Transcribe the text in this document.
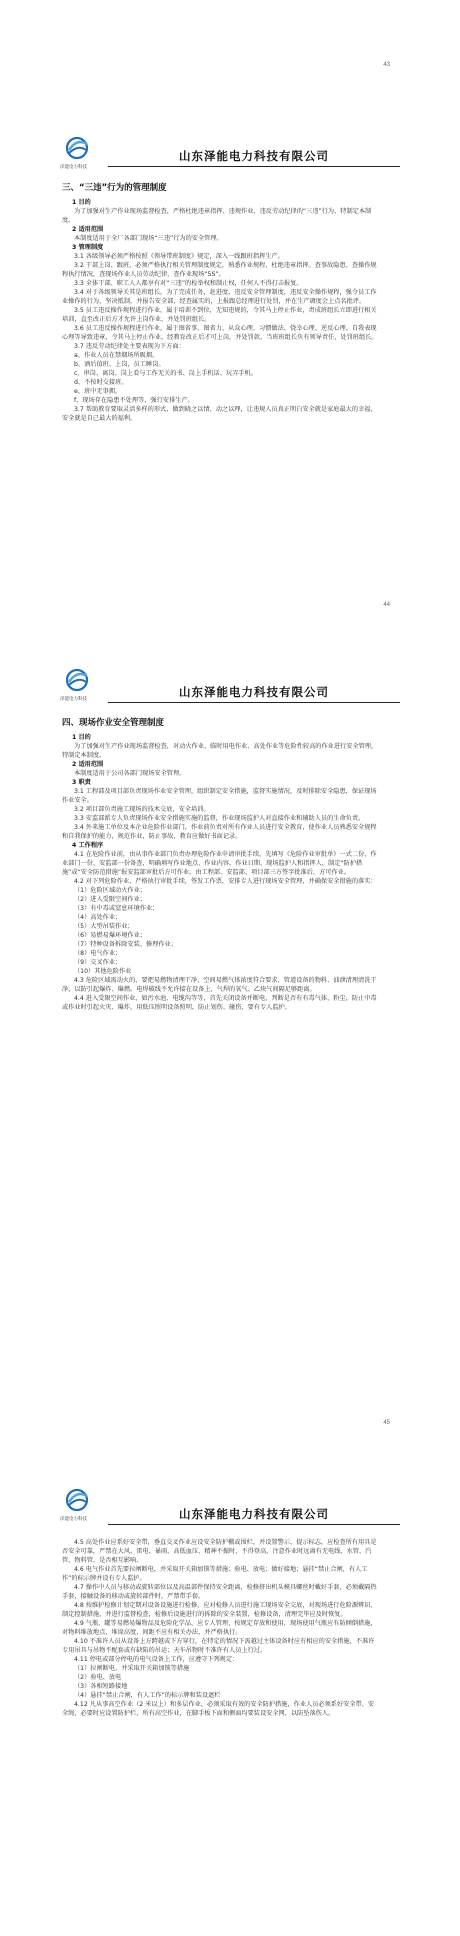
43
泽能电力科技
山东泽能电力科技有限公司
三、“三违”行为的管理制度
1 目的
为了加强对生产作业现场监督检查，严格杜绝违章指挥、违规作业、违反劳动纪律的“三违”行为，特制定本制度。
2 适用范围
本制度适用于全厂各部门现场“三违”行为的安全管理。
3 管理制度
3.1 各级领导必须严格按照《领导带班制度》规定，深入一线跟班指挥生产。
3.2 干部上岗、跟班，必须严格执行相关管理制度规定，熟悉作业规程，杜绝违章指挥。查事故隐患、查操作规程执行情况，查现场作业人员劳动纪律、查作业现场“5S”。
3.3 全体干部、职工人人都享有对“三违”的检举权和制止权，任何人不得打击报复。
3.4 对于各级领导关其是班组长，为了完成任务，赶进度，违反安全管理制度，违反安全操作规程，强令员工作业操作的行为，坚决抵制，并报告安全部，经查属实的，上报跟总经理进行处罚，并在生产调度会上点名批评。
3.5 员工违反操作规程进行作业，属于培训不到位，无知违规的，令其马上停止作业，责成班组长立即进行相关培训，直至改正后方才允许上岗作业，并处罚班组长。
3.6 员工违反操作规程进行作业，属于图省事、图省力、从众心理、习惯做法、侥幸心理、逆反心理、自我表现心理等导致违章，令其马上停止作业，经教育改正后才可上岗，并处罚款，当班班组长负有领导责任，处罚班组长。
3.7 违反劳动纪律处主要表现为下方面：
a、作业人员在禁烟场所吸烟。
b、酒后值班、上岗，员工睡岗。
c、串岗、离岗、岗上看与工作无关的书、岗上手机话、玩弄手机。
d、不按时交接班。
e、班中无事拥。
f、现场存在隐患不处理等，强行安排生产。
3.7 帮助教育要取灵活多样的形式，做到晓之以情、动之以理，让违规人员真正明白安全就是家庭最大的幸福，安全就是自己最大的福利。
44
泽能电力科技
山东泽能电力科技有限公司
四、现场作业安全管理制度
1 目的
为了加强对生产作业现场监督检查，对动火作业、临时用电作业、高处作业等危险性较高的作业进行安全管理，特制定本制度。
2 适用范围
本制度适用于公司各部门现场安全管理。
3 职责
3.1 工程部及项目部负责现场作业安全管理，组织制定安全措施，监督实施情况，及时排除安全隐患，保证现场作业安全。
3.2 项目部负责施工现场的技术交底，安全培训。
3.3 安监部派专人负责现场作业安全措施实施的监督，作业现场监护人对直接作业和辅助人员的生命负责。
3.4 外来施工单位及本企业危险作业部门，作业前负责对所有作业人员进行安全教育，使作业人员熟悉安全规程和自我保护的能力，规范作业，防止事故，教育应做好书面记录。
4 工作程序
4.1 在危险作业前，由从事作业部门负责办理危险作业申请审批手续，先填写《危险作业审批单》一式二份，作业部门一份、安监部一份备查，明确填写作业地点、作业内容、作业日期、现场监护人和指挥人，制定“防护措施”或“安全防范措施”报安监部审批后方可作业。由工程部、安监部、项目部三方签字批准后，方可作业。
4.2 对下列危险作业，严格执行审批手续，签发工作票，安排专人进行现场安全管理，并确保安全措施的落实：
（1）危险区域动火作业；
（2）进入受限空间作业；
（3）有中毒或窒息环境作业；
（4）高处作业；
（5）大型吊装作业；
（6）易燃易爆环境作业；
（7）特种设备拆除安装、修理作业；
（8）电气作业；
（9）交叉作业；
（10）其他危险作业
4.3 危险区域需动火的，要把易燃物清理干净，空间易燃气体浓度符合要求，管道设备的物料、油泄清理清洗干净，以防引起爆炸、爆燃。电焊破线不允许接在设备上，气焊的氧气、乙炔气间隔足够距离。
4.4 进入受限空间作业，如污水池、电缆沟等等，首先关闭设备并断电，判断是否有有毒气体，粉尘，防止中毒或作业时引起火灾、爆炸，用低压照明设备照明，防止划伤、碰伤，要有专人监护。
45
泽能电力科技	山东泽能电力科技有限公司
4.5 高处作业应系好安全带，垂直交叉作业应设安全防护棚或围栏，并设置警示、提示标志，应检查所有用具是否安全可靠，严禁在大风、雷电、暴雨、高低血压、精神不振时，不得登高，注意作业时远离有无电线、水管、汽管、物料管、是否相互影响。
4.6 电气作业首先要拉闸断电，并采取开关箱加锁等措施；验电、放电；做好接地；悬挂“禁止合闸，有人工作”的标示牌并设有专人监护。
4.7 操作中人员与移动或旋转部位以及高温部件保持安全距离，检修挤出机头模具螺丝时戴好手套，必须戴隔热手套，接触设备的移动或旋转部件时，严禁带手套。
4.8 按维护检修计划定期对设备设施进行检修，应对检修人员进行施工现场安全交底，对现场进行危险源辨识、制定控制措施，并进行监督检查，检修后设施进行的拆除的安全装置，检修设备，清理完毕应及时恢复。
4.9 气瓶、罐等易燃易爆物品及危险化学品，应专人管理，按规定存放和使用，现场使用气瓶应有防倾倒措施，对物料堆放地点，堆垛高度，间距不应有相关办法，并严格执行。
4.10 不准许人员从设备上方跨越或下方穿行，在特定的情况下需越过主体设备时应有相应的安全措施，不准许专用吊具与吊物不配套或有缺陷的吊运；天车吊物时不准许有人员上行过。
4.11 停电或部分停电的电气设备上工作，应遵守下列规定：
（1）拉闸断电，并采取开关箱加锁等措施
（2）验电、放电
（3）各相短路接地
（4）悬挂“禁止合闸，有人工作”的标示牌和装设遮栏
4.12 凡从事高空作业（2 米以上）和多层作业，必须采取有效的安全防护措施，作业人员必须系好安全带、安全绳，必要时应设置防护栏，所有高空作业，在脚手板下面和侧面均要装设安全网，以防坠落伤人。
